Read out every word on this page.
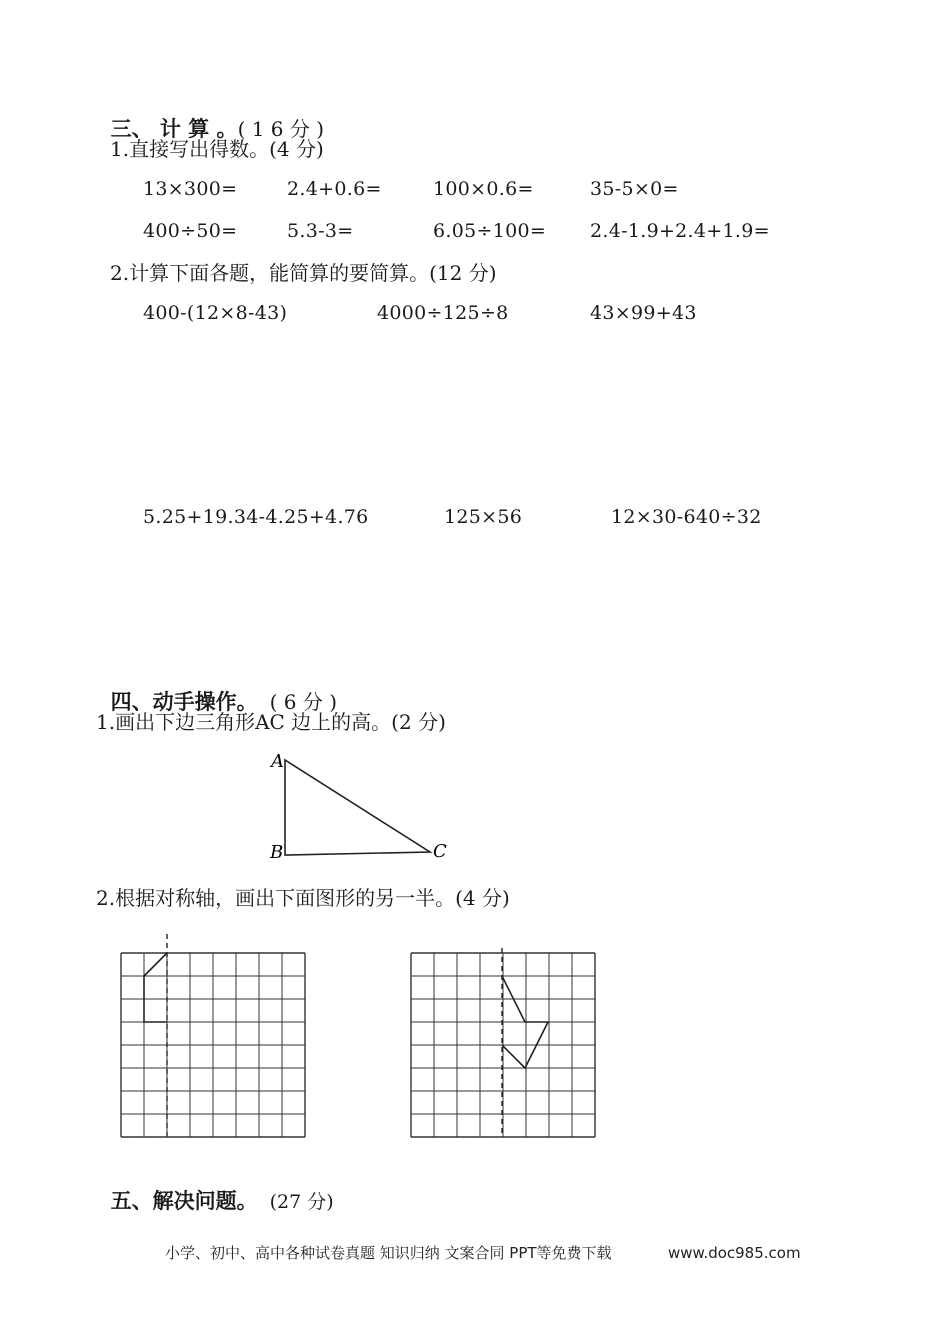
三、 计 算 。( 1 6 分 )

1.直接写出得数。(4 分)
13×300=	2.4+0.6=	100×0.6=	35-5×0=
400÷50=	5.3-3=	6.05÷100= 2.4-1.9+2.4+1.9=
2.计算下面各题，能简算的要简算。(12 分)
400-(12×8-43)	4000÷125÷8	43×99+43
5.25+19.34-4.25+4.76	125×56	12×30-640÷32

四、动手操作。 ( 6 分 )

1.画出下边三角形AC 边上的高。(2 分)
A
B	C
2.根据对称轴，画出下面图形的另一半。(4 分)

五、解决问题。 (27 分)

小学、初中、高中各种试卷真题 知识归纳 文案合同 PPT等免费下载	www.doc985.com
